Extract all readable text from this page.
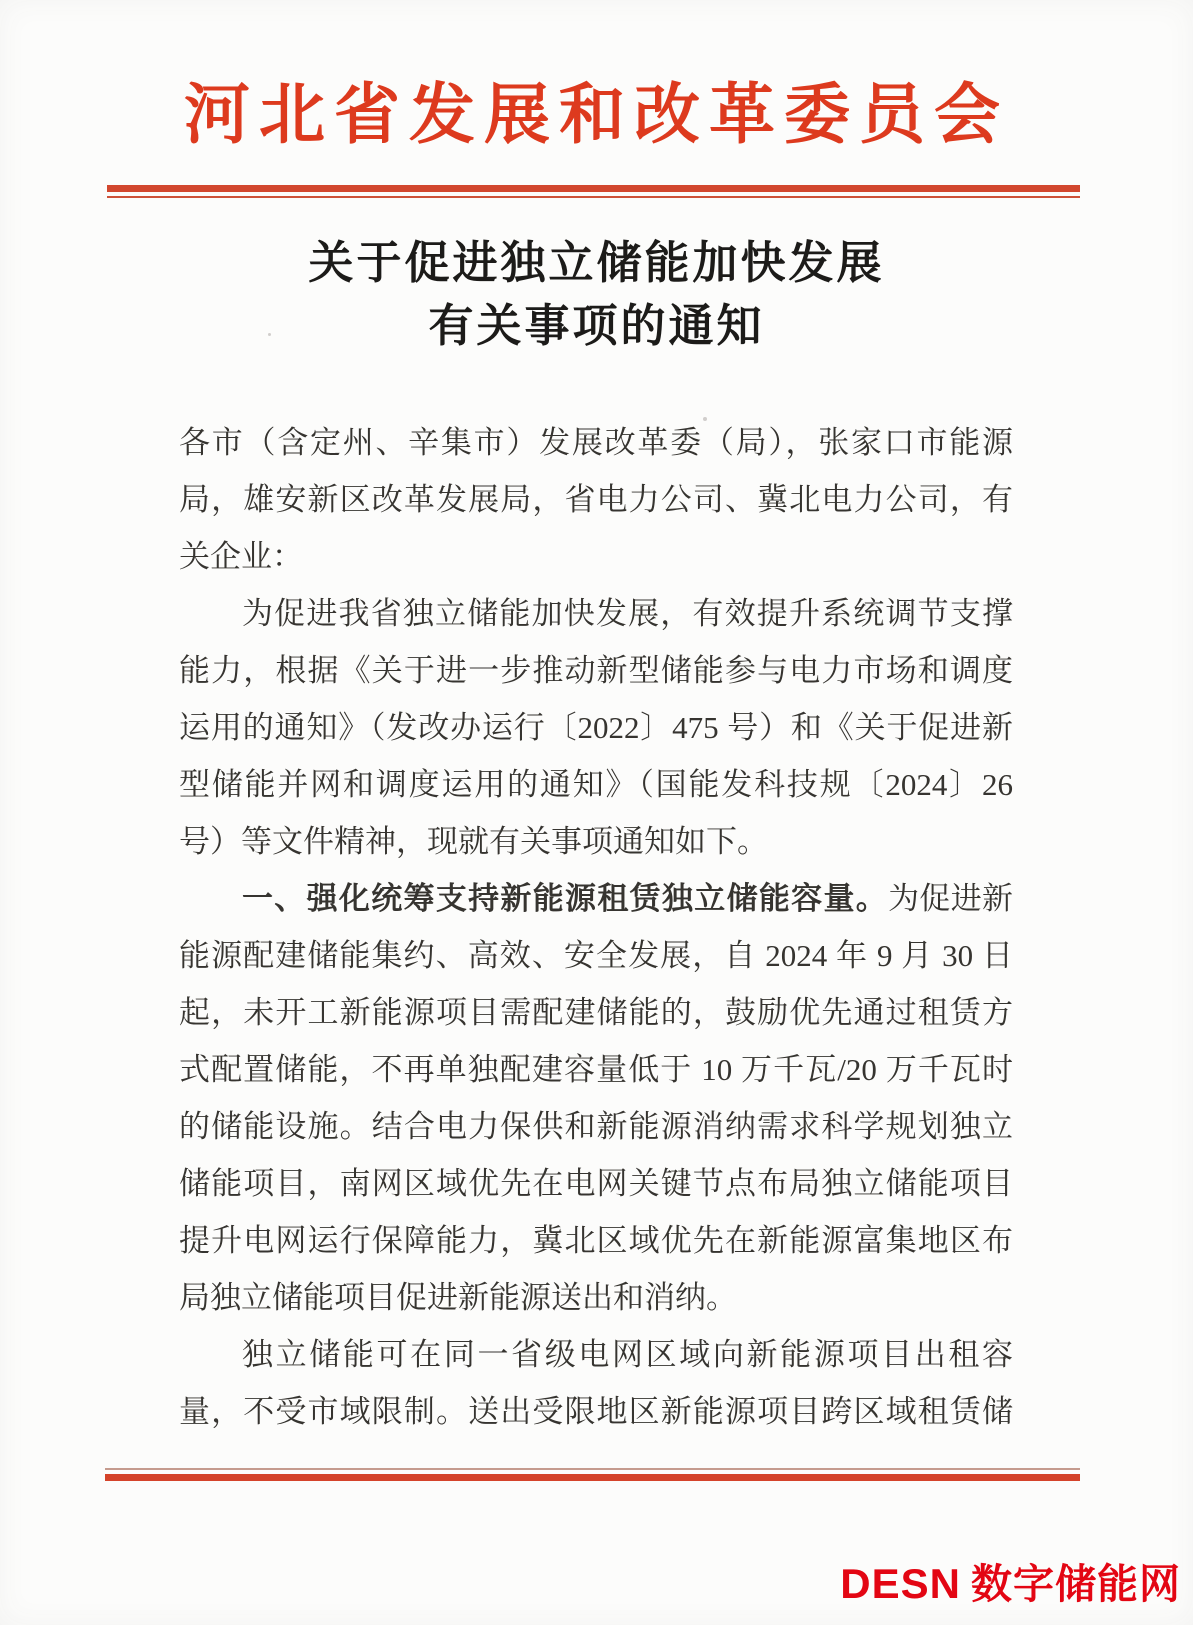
河北省发展和改革委员会
关于促进独立储能加快发展
有关事项的通知
各市（含定州、辛集市）发展改革委（局），张家口市能源
局，雄安新区改革发展局，省电力公司、冀北电力公司，有
关企业：
为促进我省独立储能加快发展，有效提升系统调节支撑
能力，根据《关于进一步推动新型储能参与电力市场和调度
运用的通知》（发改办运行〔2022〕475 号）和《关于促进新
型储能并网和调度运用的通知》（国能发科技规〔2024〕26
号）等文件精神，现就有关事项通知如下。
一、强化统筹支持新能源租赁独立储能容量。为促进新
能源配建储能集约、高效、安全发展，自 2024 年 9 月 30 日
起，未开工新能源项目需配建储能的，鼓励优先通过租赁方
式配置储能，不再单独配建容量低于 10 万千瓦/20 万千瓦时
的储能设施。结合电力保供和新能源消纳需求科学规划独立
储能项目，南网区域优先在电网关键节点布局独立储能项目
提升电网运行保障能力，冀北区域优先在新能源富集地区布
局独立储能项目促进新能源送出和消纳。
独立储能可在同一省级电网区域向新能源项目出租容
量，不受市域限制。送出受限地区新能源项目跨区域租赁储
DESN 数字储能网
